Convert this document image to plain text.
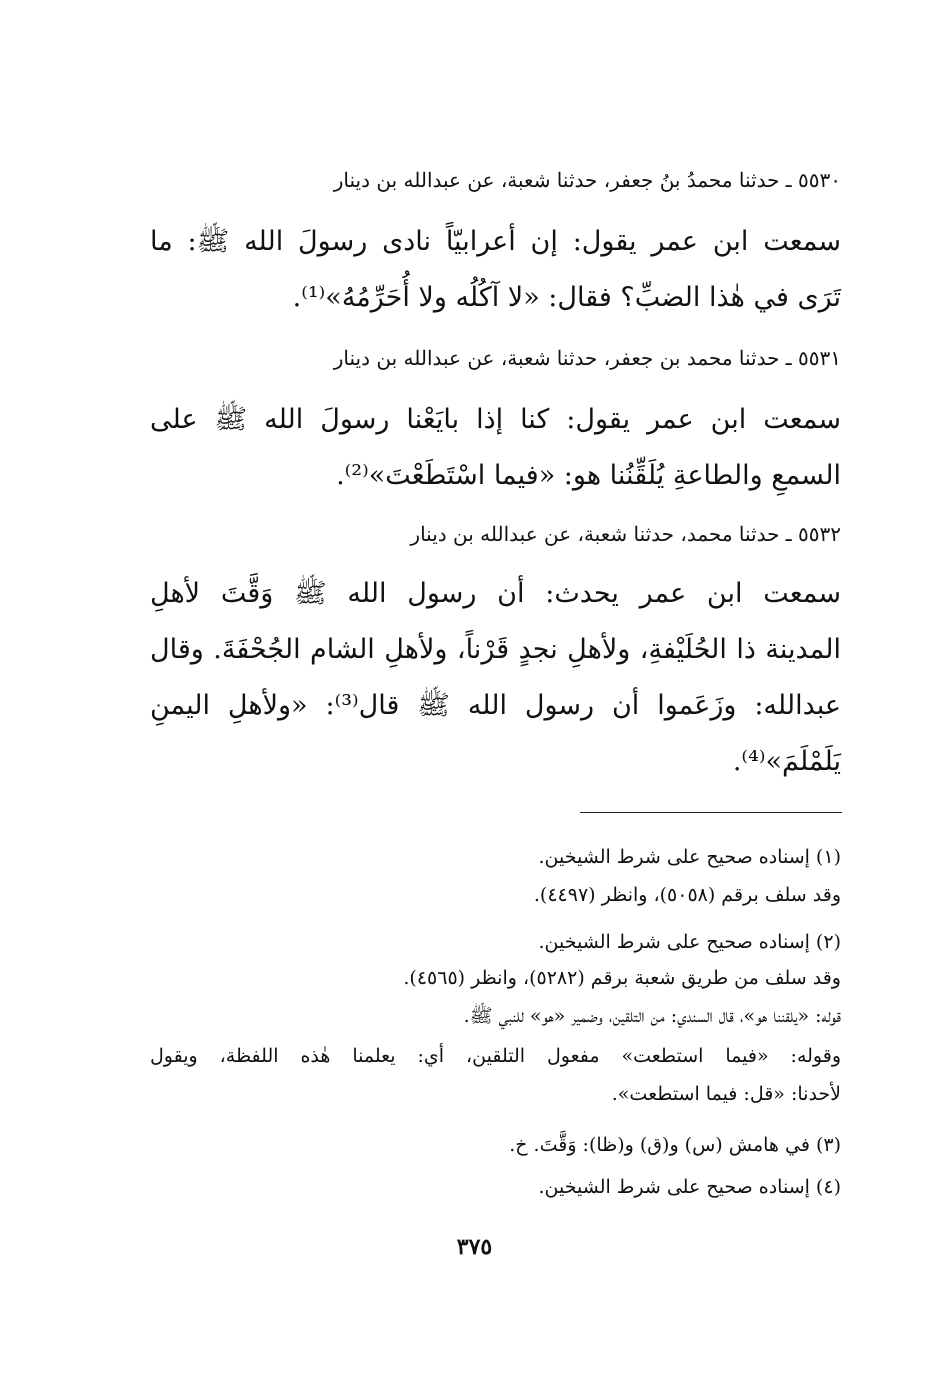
٥٥٣٠ ـ حدثنا محمدُ بنُ جعفر، حدثنا شعبة، عن عبدالله بن دينار
سمعت ابن عمر يقول: إن أعرابيّاً نادى رسولَ الله ﷺ: ما
تَرَى في هٰذا الضبِّ؟ فقال: «لا آكُلُه ولا أُحَرِّمُهُ»⁽¹⁾.
٥٥٣١ ـ حدثنا محمد بن جعفر، حدثنا شعبة، عن عبدالله بن دينار
سمعت ابن عمر يقول: كنا إذا بايَعْنا رسولَ الله ﷺ على
السمعِ والطاعةِ يُلَقِّنُنا هو: «فيما اسْتَطَعْتَ»⁽²⁾.
٥٥٣٢ ـ حدثنا محمد، حدثنا شعبة، عن عبدالله بن دينار
سمعت ابن عمر يحدث: أن رسول الله ﷺ وَقَّتَ لأهلِ
المدينة ذا الحُلَيْفةِ، ولأهلِ نجدٍ قَرْناً، ولأهلِ الشام الجُحْفَةَ. وقال
عبدالله: وزَعَموا أن رسول الله ﷺ قال⁽³⁾: «ولأهلِ اليمنِ
يَلَمْلَمَ»⁽⁴⁾.
(١) إسناده صحيح على شرط الشيخين.
وقد سلف برقم (٥٠٥٨)، وانظر (٤٤٩٧).
(٢) إسناده صحيح على شرط الشيخين.
وقد سلف من طريق شعبة برقم (٥٢٨٢)، وانظر (٤٥٦٥).
قوله: «يلقننا هو»، قال السندي: من التلقين، وضمير «هو» للنبي ﷺ.
وقوله: «فيما استطعت» مفعول التلقين، أي: يعلمنا هٰذه اللفظة، ويقول
لأحدنا: «قل: فيما استطعت».
(٣) في هامش (س) و(ق) و(ظا): وَقَّتَ. خ.
(٤) إسناده صحيح على شرط الشيخين.
٣٧٥
